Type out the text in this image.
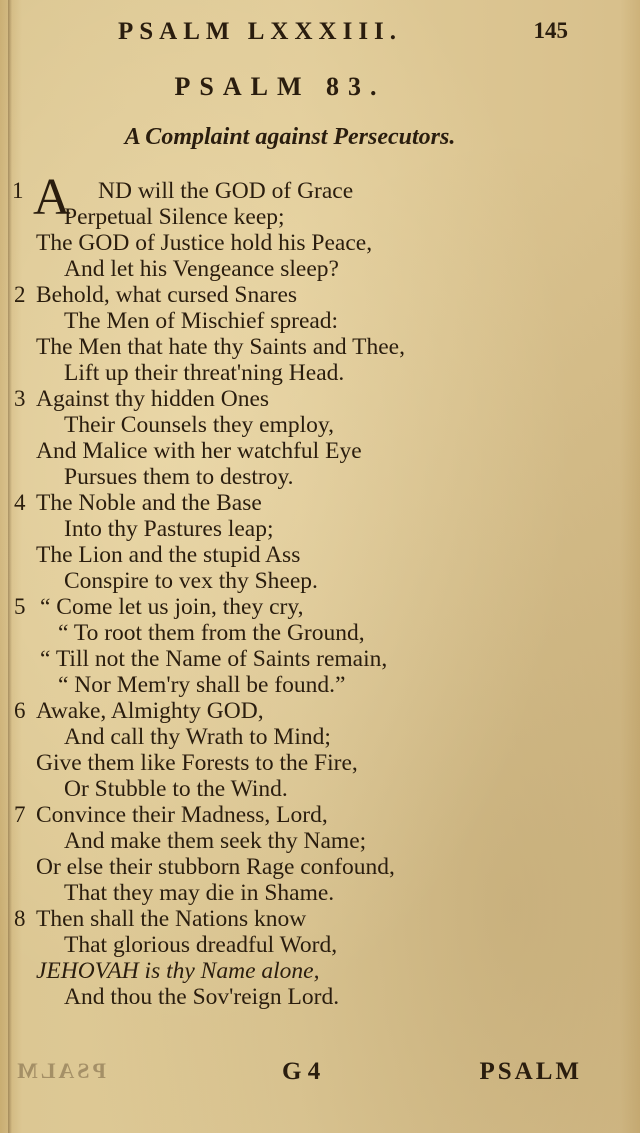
PSALM LXXXIII.	145
PSALM 83.
A Complaint against Persecutors.
A
1	ND will the GOD of Grace
Perpetual Silence keep;
The GOD of Justice hold his Peace,
And let his Vengeance sleep?
2 Behold, what cursed Snares
The Men of Mischief spread:
The Men that hate thy Saints and Thee,
Lift up their threat'ning Head.
3 Against thy hidden Ones
Their Counsels they employ,
And Malice with her watchful Eye
Pursues them to destroy.
4 The Noble and the Base
Into thy Pastures leap;
The Lion and the stupid Ass
Conspire to vex thy Sheep.
5 “ Come let us join, they cry,
“ To root them from the Ground,
“ Till not the Name of Saints remain,
“ Nor Mem'ry shall be found.”
6 Awake, Almighty GOD,
And call thy Wrath to Mind;
Give them like Forests to the Fire,
Or Stubble to the Wind.
7 Convince their Madness, Lord,
And make them seek thy Name;
Or else their stubborn Rage confound,
That they may die in Shame.
8 Then shall the Nations know
That glorious dreadful Word,
JEHOVAH is thy Name alone,
And thou the Sov'reign Lord.
PSALM	G 4	PSALM
